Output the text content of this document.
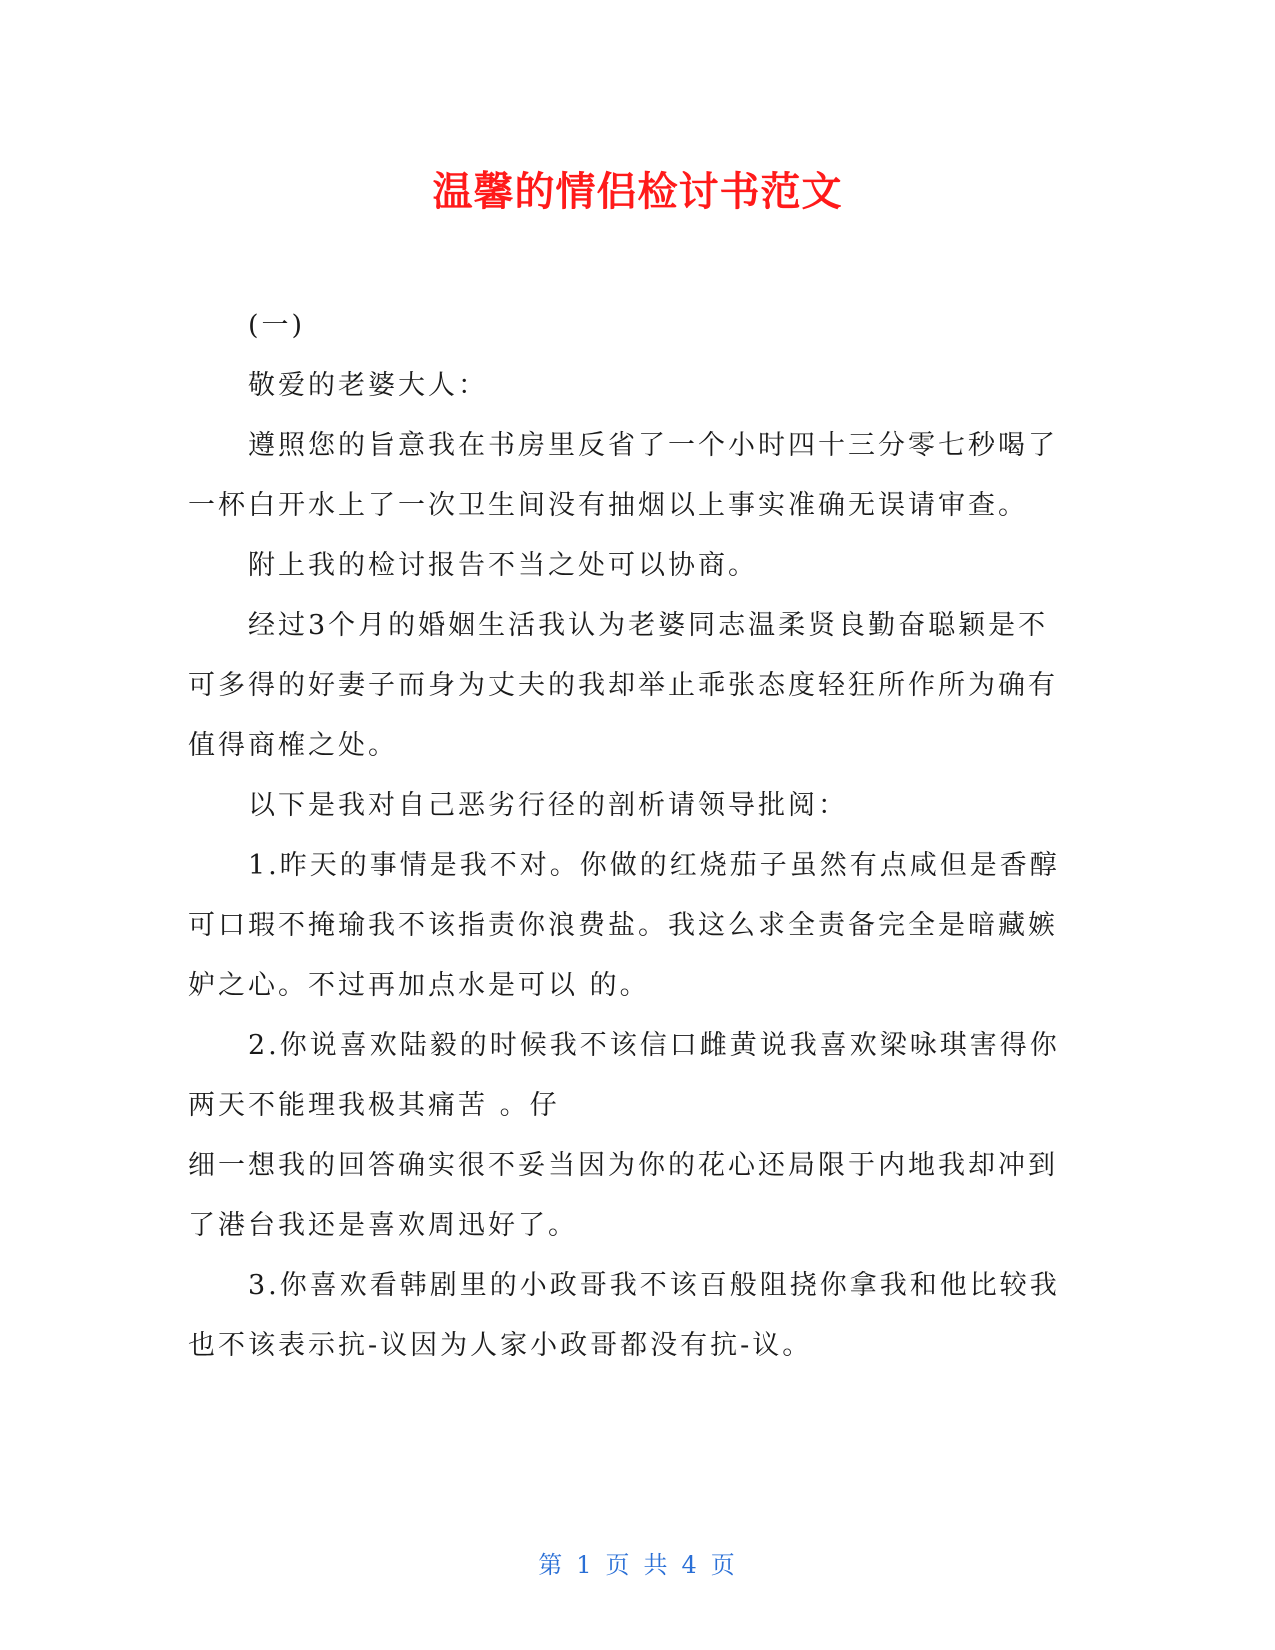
温馨的情侣检讨书范文

(一)

敬爱的老婆大人：

遵照您的旨意我在书房里反省了一个小时四十三分零七秒喝了一杯白开水上了一次卫生间没有抽烟以上事实准确无误请审查。

附上我的检讨报告不当之处可以协商。

经过3个月的婚姻生活我认为老婆同志温柔贤良勤奋聪颖是不可多得的好妻子而身为丈夫的我却举止乖张态度轻狂所作所为确有值得商榷之处。

以下是我对自己恶劣行径的剖析请领导批阅：

1.昨天的事情是我不对。你做的红烧茄子虽然有点咸但是香醇可口瑕不掩瑜我不该指责你浪费盐。我这么求全责备完全是暗藏嫉妒之心。不过再加点水是可以 的。

2.你说喜欢陆毅的时候我不该信口雌黄说我喜欢梁咏琪害得你两天不能理我极其痛苦 。仔

细一想我的回答确实很不妥当因为你的花心还局限于内地我却冲到了港台我还是喜欢周迅好了。

3.你喜欢看韩剧里的小政哥我不该百般阻挠你拿我和他比较我也不该表示抗-议因为人家小政哥都没有抗-议。

第 1 页 共 4 页
